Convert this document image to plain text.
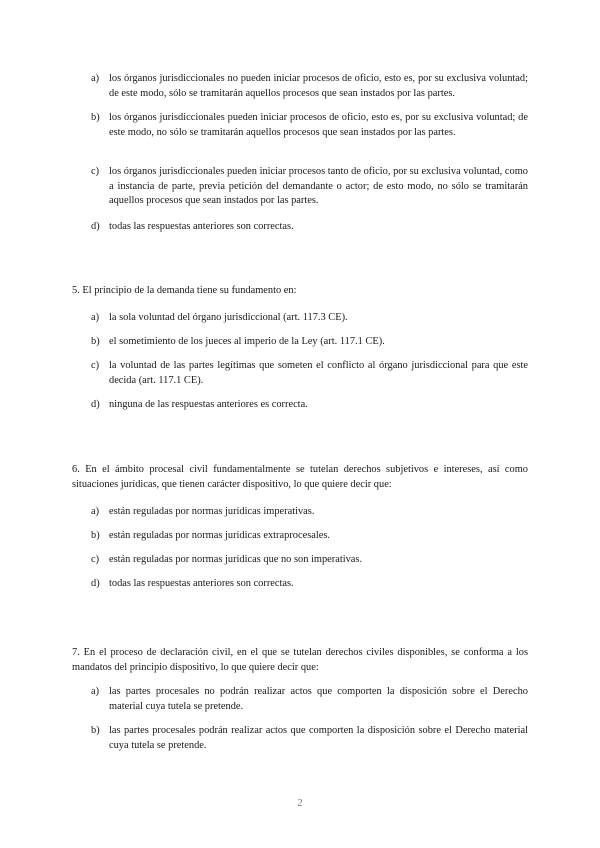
a) los órganos jurisdiccionales no pueden iniciar procesos de oficio, esto es, por su exclusiva voluntad; de este modo, sólo se tramitarán aquellos procesos que sean instados por las partes.
b) los órganos jurisdiccionales pueden iniciar procesos de oficio, esto es, por su exclusiva voluntad; de este modo, no sólo se tramitarán aquellos procesos que sean instados por las partes.
c) los órganos jurisdiccionales pueden iniciar procesos tanto de oficio, por su exclusiva voluntad, como a instancia de parte, previa petición del demandante o actor; de esto modo, no sólo se tramitarán aquellos procesos que sean instados por las partes.
d) todas las respuestas anteriores son correctas.
5. El principio de la demanda tiene su fundamento en:
a) la sola voluntad del órgano jurisdiccional (art. 117.3 CE).
b) el sometimiento de los jueces al imperio de la Ley (art. 117.1 CE).
c) la voluntad de las partes legítimas que someten el conflicto al órgano jurisdiccional para que este decida (art. 117.1 CE).
d) ninguna de las respuestas anteriores es correcta.
6. En el ámbito procesal civil fundamentalmente se tutelan derechos subjetivos e intereses, así como situaciones jurídicas, que tienen carácter dispositivo, lo que quiere decir que:
a) están reguladas por normas jurídicas imperativas.
b) están reguladas por normas jurídicas extraprocesales.
c) están reguladas por normas jurídicas que no son imperativas.
d) todas las respuestas anteriores son correctas.
7. En el proceso de declaración civil, en el que se tutelan derechos civiles disponibles, se conforma a los mandatos del principio dispositivo, lo que quiere decir que:
a) las partes procesales no podrán realizar actos que comporten la disposición sobre el Derecho material cuya tutela se pretende.
b) las partes procesales podrán realizar actos que comporten la disposición sobre el Derecho material cuya tutela se pretende.
2
